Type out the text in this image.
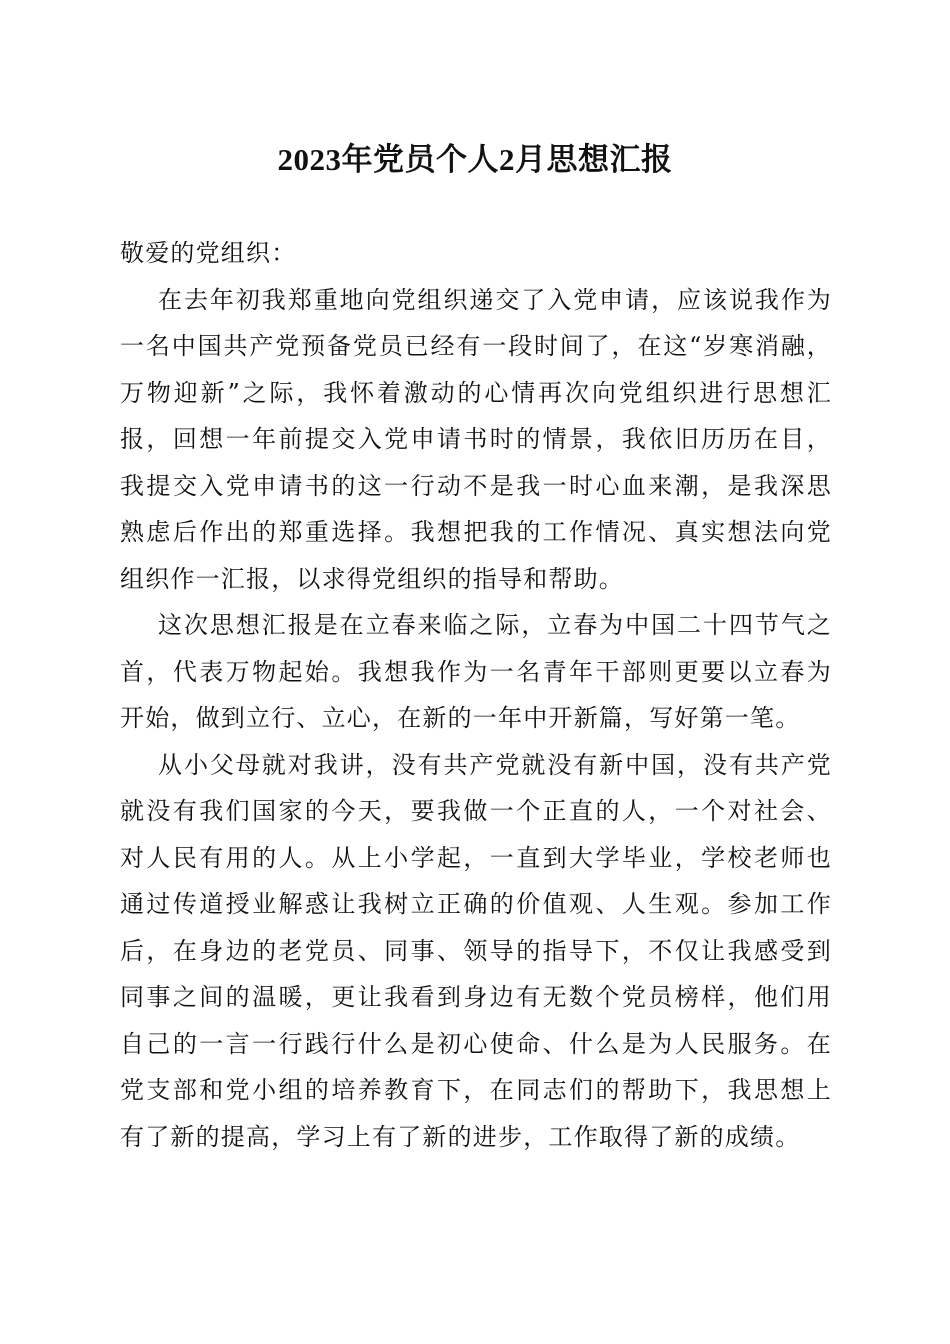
2023年党员个人2月思想汇报
敬爱的党组织：
在去年初我郑重地向党组织递交了入党申请，应该说我作为
一名中国共产党预备党员已经有一段时间了，在这“岁寒消融，
万物迎新”之际，我怀着激动的心情再次向党组织进行思想汇
报，回想一年前提交入党申请书时的情景，我依旧历历在目，
我提交入党申请书的这一行动不是我一时心血来潮，是我深思
熟虑后作出的郑重选择。我想把我的工作情况、真实想法向党
组织作一汇报，以求得党组织的指导和帮助。
这次思想汇报是在立春来临之际，立春为中国二十四节气之
首，代表万物起始。我想我作为一名青年干部则更要以立春为
开始，做到立行、立心，在新的一年中开新篇，写好第一笔。
从小父母就对我讲，没有共产党就没有新中国，没有共产党
就没有我们国家的今天，要我做一个正直的人，一个对社会、
对人民有用的人。从上小学起，一直到大学毕业，学校老师也
通过传道授业解惑让我树立正确的价值观、人生观。参加工作
后，在身边的老党员、同事、领导的指导下，不仅让我感受到
同事之间的温暖，更让我看到身边有无数个党员榜样，他们用
自己的一言一行践行什么是初心使命、什么是为人民服务。在
党支部和党小组的培养教育下，在同志们的帮助下，我思想上
有了新的提高，学习上有了新的进步，工作取得了新的成绩。
